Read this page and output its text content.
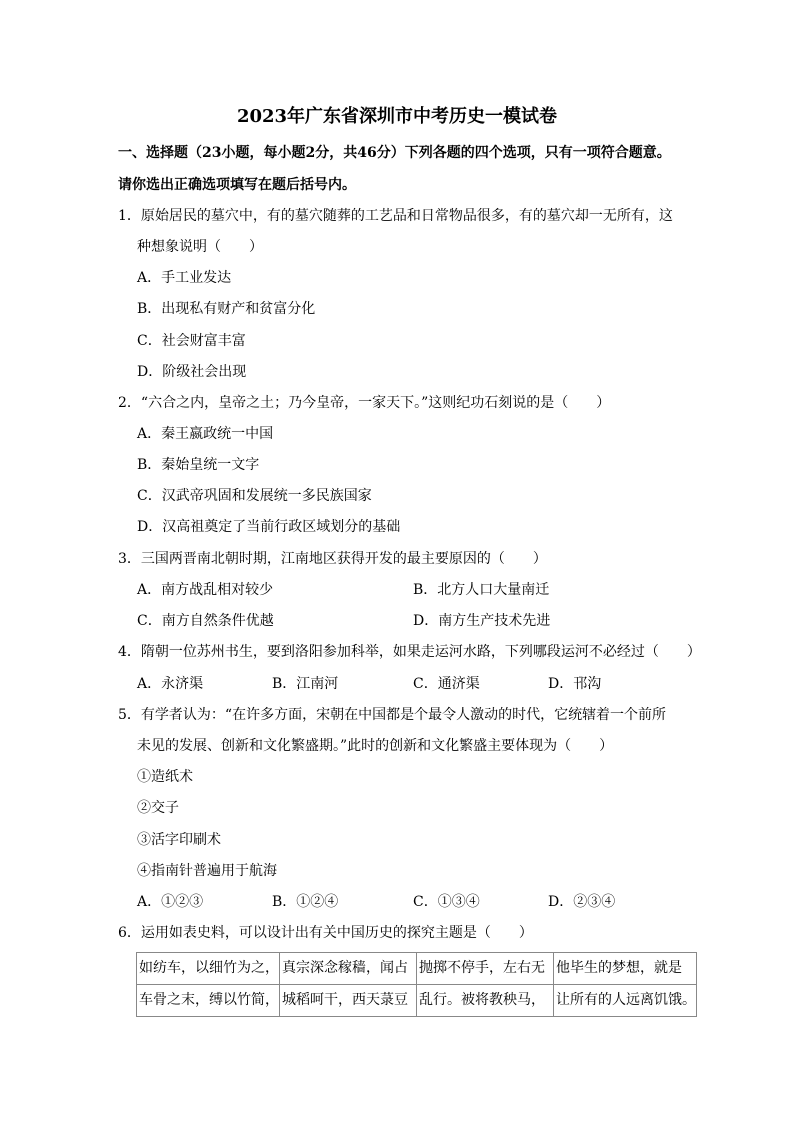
2023年广东省深圳市中考历史一模试卷
一、选择题（23小题，每小题2分，共46分）下列各题的四个选项，只有一项符合题意。
请你选出正确选项填写在题后括号内。
1．原始居民的墓穴中，有的墓穴随葬的工艺品和日常物品很多，有的墓穴却一无所有，这
种想象说明（　　）
A．手工业发达
B．出现私有财产和贫富分化
C．社会财富丰富
D．阶级社会出现
2．“六合之内，皇帝之土；乃今皇帝，一家天下。”这则纪功石刻说的是（　　）
A．秦王嬴政统一中国
B．秦始皇统一文字
C．汉武帝巩固和发展统一多民族国家
D．汉高祖奠定了当前行政区域划分的基础
3．三国两晋南北朝时期，江南地区获得开发的最主要原因的（　　）
A．南方战乱相对较少	B．北方人口大量南迁
C．南方自然条件优越	D．南方生产技术先进
4．隋朝一位苏州书生，要到洛阳参加科举，如果走运河水路，下列哪段运河不必经过（　　）
A．永济渠	B．江南河	C．通济渠	D．邗沟
5．有学者认为：“在许多方面，宋朝在中国都是个最令人激动的时代，它统辖着一个前所
未见的发展、创新和文化繁盛期。”此时的创新和文化繁盛主要体现为（　　）
①造纸术
②交子
③活字印刷术
④指南针普遍用于航海
A．①②③	B．①②④	C．①③④	D．②③④
6．运用如表史料，可以设计出有关中国历史的探究主题是（　　）
如纺车，以细竹为之，	真宗深念稼穑，闻占	抛掷不停手，左右无	他毕生的梦想，就是
车骨之末，缚以竹简，	城稻呵干，西天菉豆	乱行。被将教秧马，	让所有的人远离饥饿。
